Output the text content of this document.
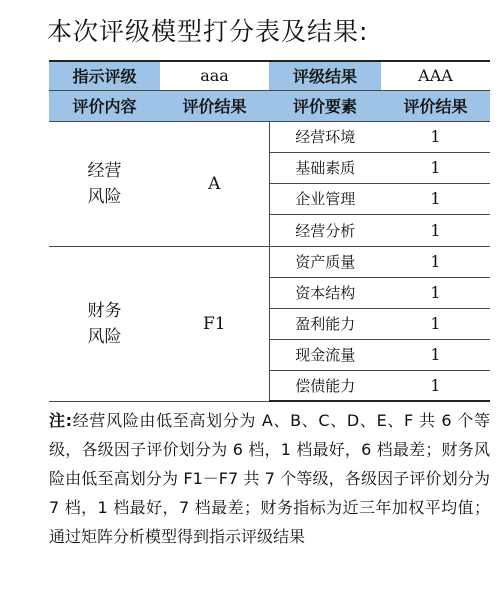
本次评级模型打分表及结果:
指示评级	aaa	评级结果	AAA
评价内容	评价结果	评价要素	评价结果

经营
风险	A	经营环境	1
		基础素质	1
		企业管理	1
		经营分析	1

财务
风险	F1	资产质量	1
		资本结构	1
		盈利能力	1
		现金流量	1
		偿债能力	1
注:经营风险由低至高划分为 A、B、C、D、E、F 共 6 个等级，各级因子评价划分为 6 档，1 档最好，6 档最差；财务风险由低至高划分为 F1－F7 共 7 个等级，各级因子评价划分为 7 档，1 档最好，7 档最差；财务指标为近三年加权平均值；通过矩阵分析模型得到指示评级结果
